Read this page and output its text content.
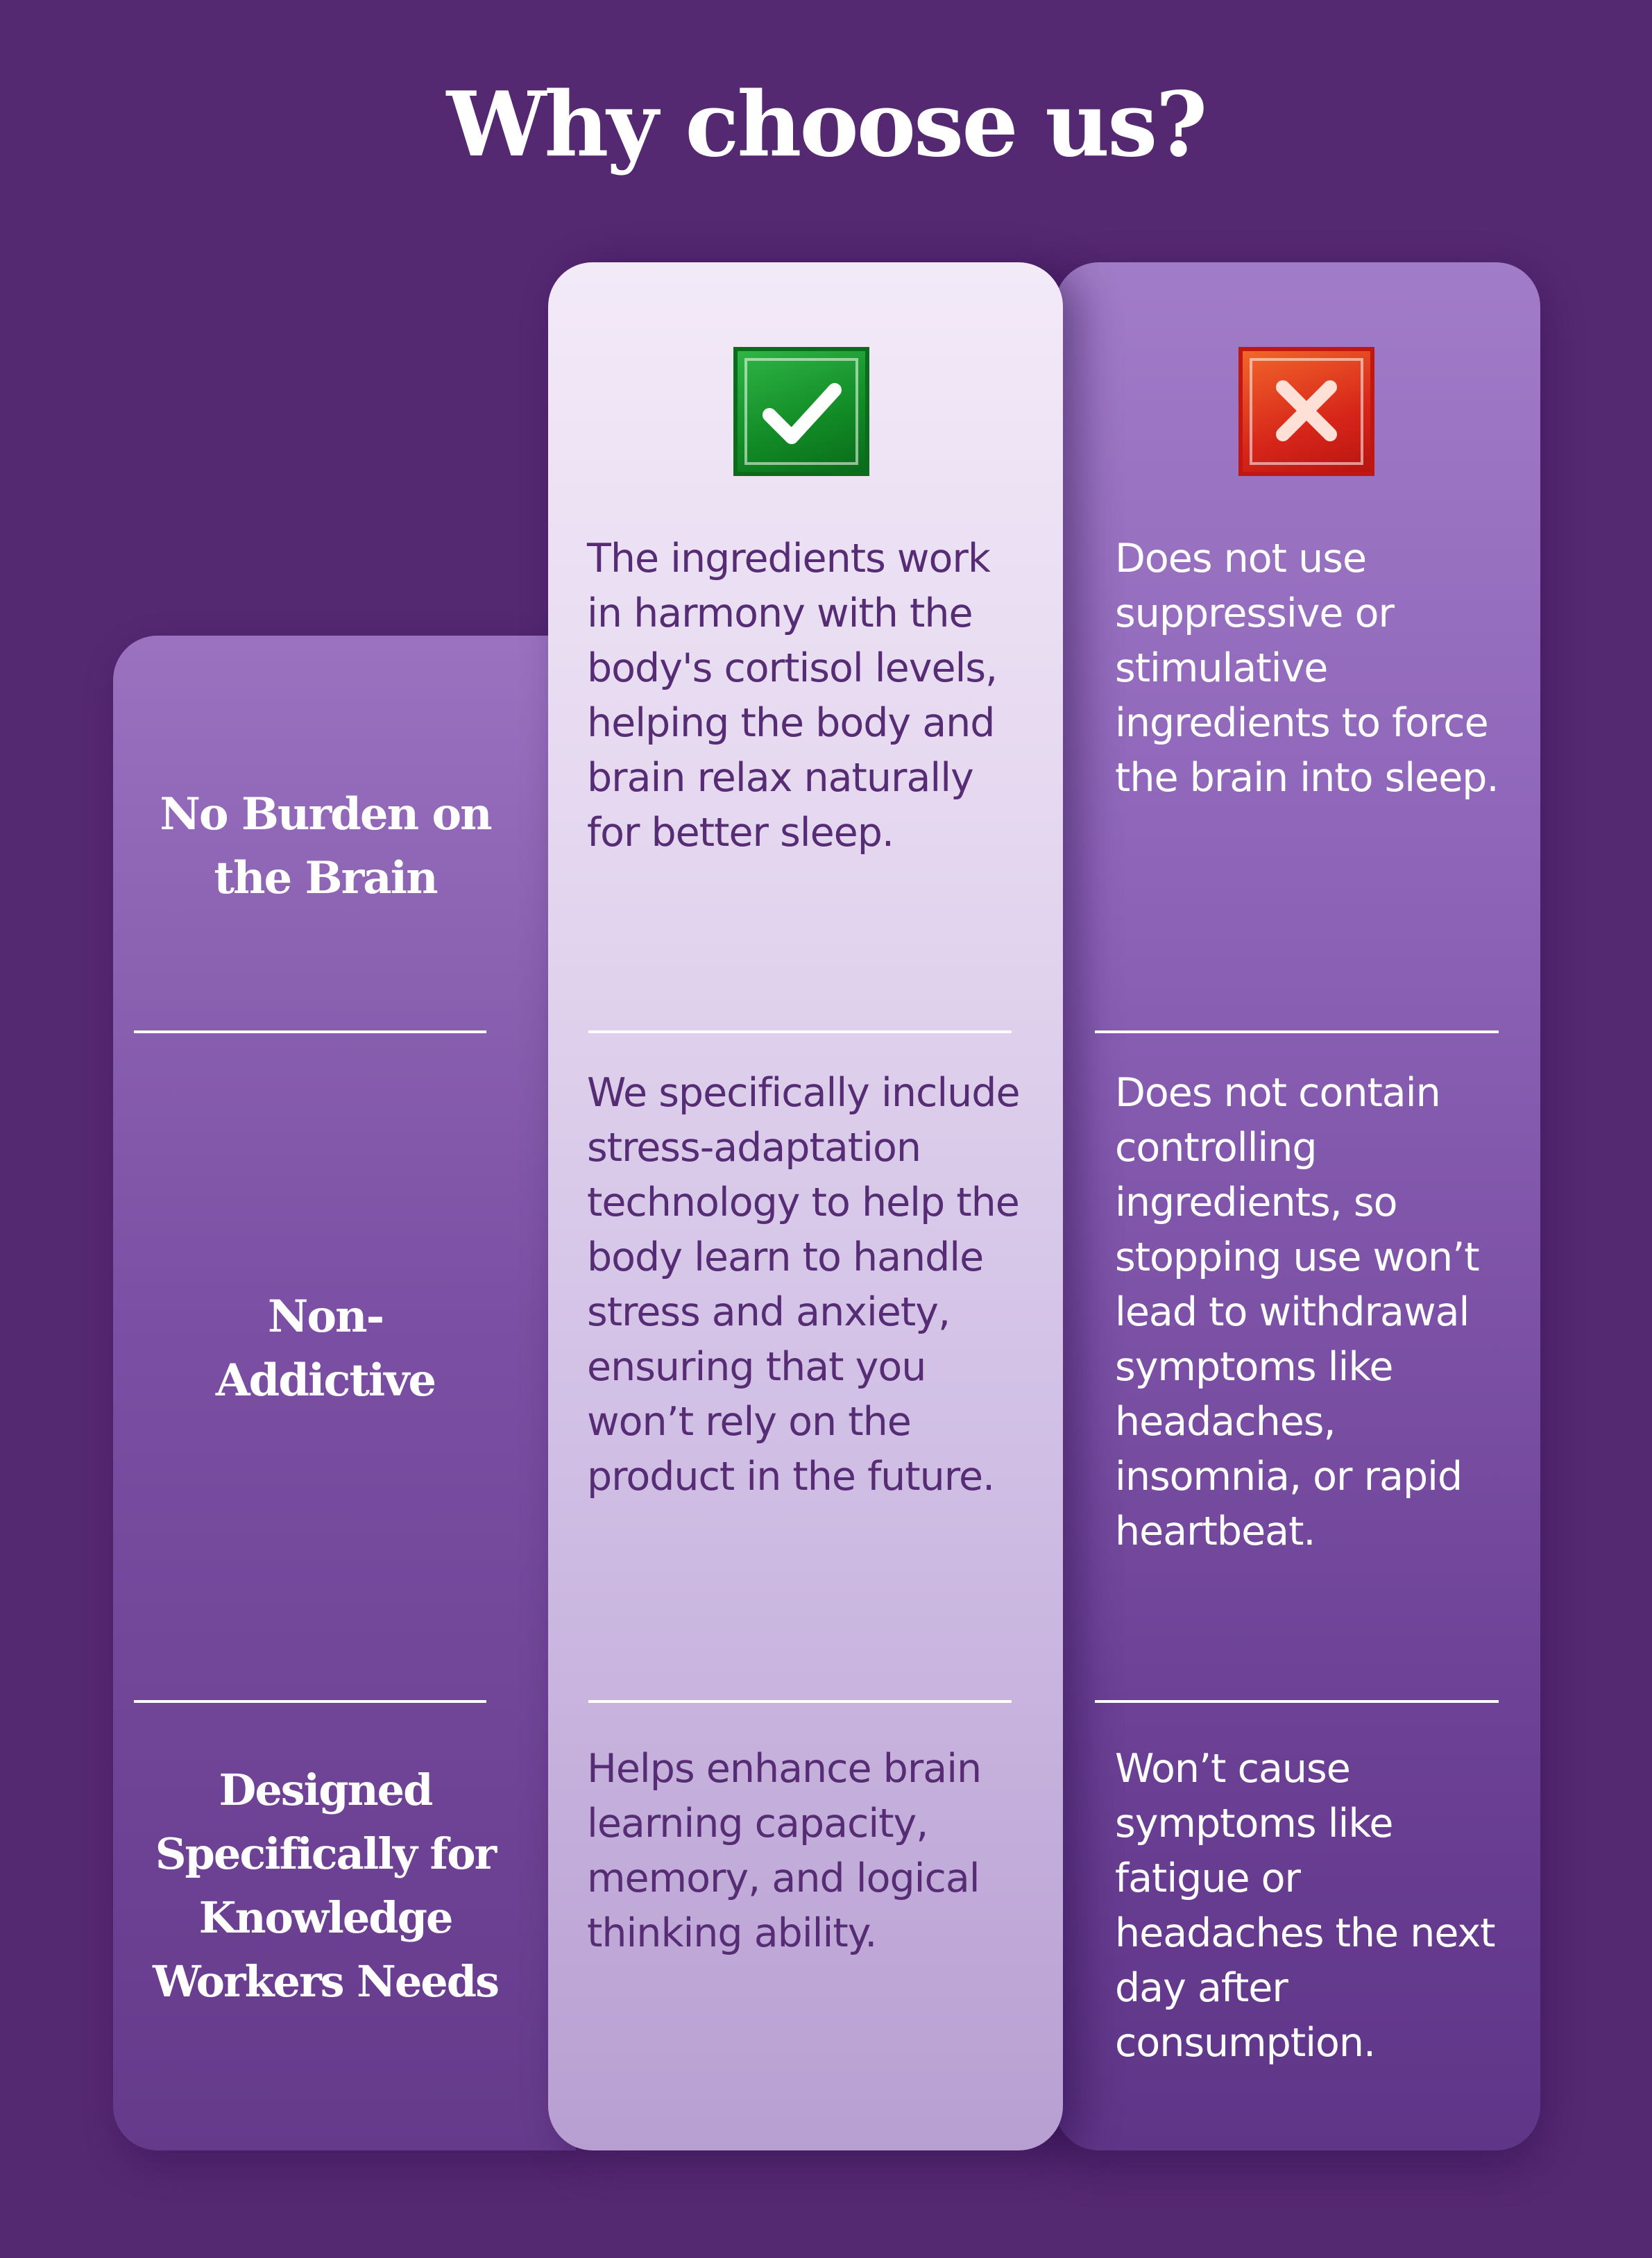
Why choose us?
No Burden on the Brain
The ingredients work in harmony with the body's cortisol levels, helping the body and brain relax naturally for better sleep.
Does not use suppressive or stimulative ingredients to force the brain into sleep.
Non-Addictive
We specifically include stress-adaptation technology to help the body learn to handle stress and anxiety, ensuring that you won’t rely on the product in the future.
Does not contain controlling ingredients, so stopping use won’t lead to withdrawal symptoms like headaches, insomnia, or rapid heartbeat.
Designed Specifically for Knowledge Workers Needs
Helps enhance brain learning capacity, memory, and logical thinking ability.
Won’t cause symptoms like fatigue or headaches the next day after consumption.
